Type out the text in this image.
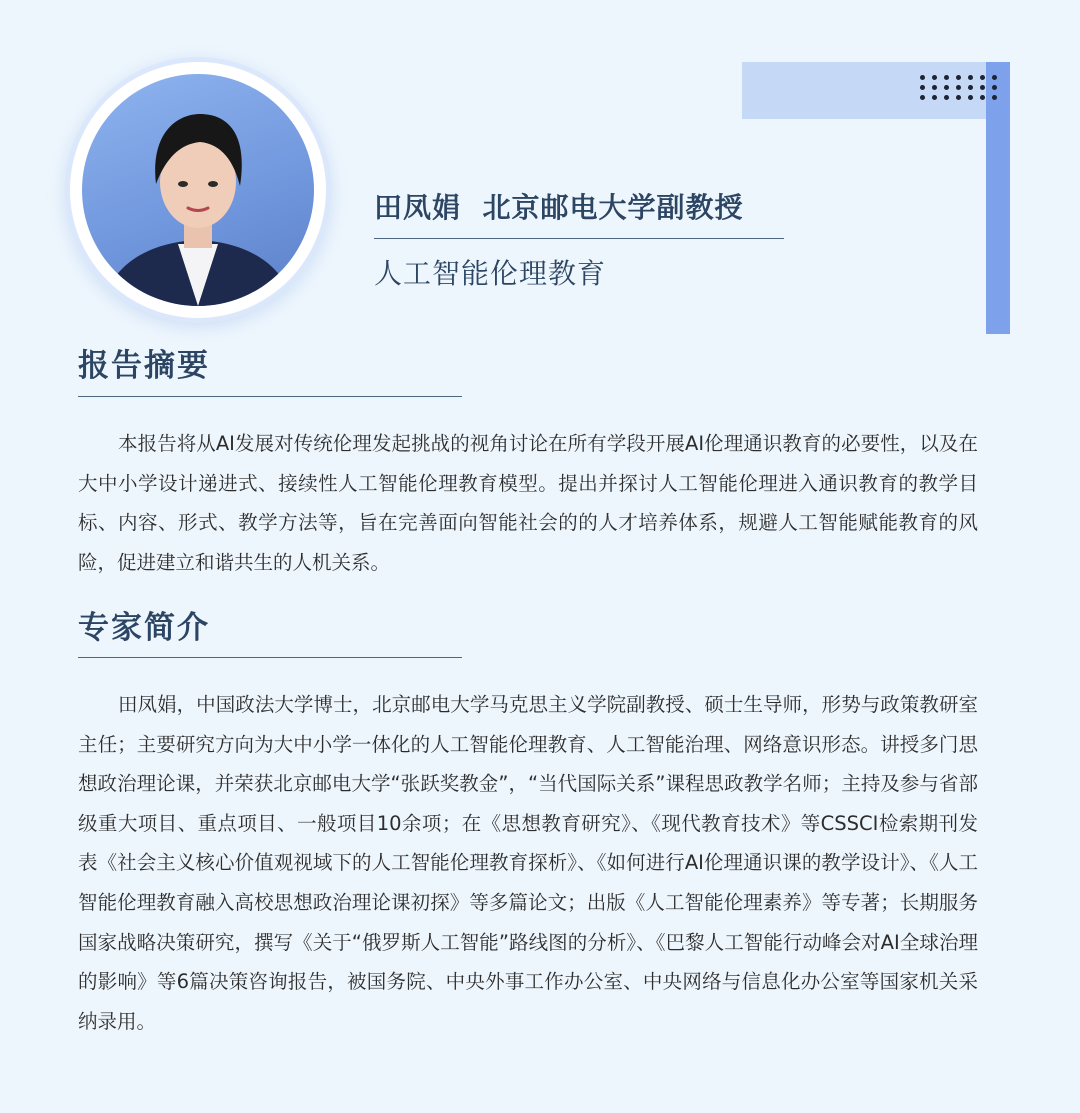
田凤娟 北京邮电大学副教授
人工智能伦理教育
报告摘要
本报告将从AI发展对传统伦理发起挑战的视角讨论在所有学段开展AI伦理通识教育的必要性，以及在大中小学设计递进式、接续性人工智能伦理教育模型。提出并探讨人工智能伦理进入通识教育的教学目标、内容、形式、教学方法等，旨在完善面向智能社会的的人才培养体系，规避人工智能赋能教育的风险，促进建立和谐共生的人机关系。
专家简介
田凤娟，中国政法大学博士，北京邮电大学马克思主义学院副教授、硕士生导师，形势与政策教研室主任；主要研究方向为大中小学一体化的人工智能伦理教育、人工智能治理、网络意识形态。讲授多门思想政治理论课，并荣获北京邮电大学“张跃奖教金”，“当代国际关系”课程思政教学名师；主持及参与省部级重大项目、重点项目、一般项目10余项；在《思想教育研究》、《现代教育技术》等CSSCI检索期刊发表《社会主义核心价值观视域下的人工智能伦理教育探析》、《如何进行AI伦理通识课的教学设计》、《人工智能伦理教育融入高校思想政治理论课初探》等多篇论文；出版《人工智能伦理素养》等专著；长期服务国家战略决策研究，撰写《关于“俄罗斯人工智能”路线图的分析》、《巴黎人工智能行动峰会对AI全球治理的影响》等6篇决策咨询报告，被国务院、中央外事工作办公室、中央网络与信息化办公室等国家机关采纳录用。
